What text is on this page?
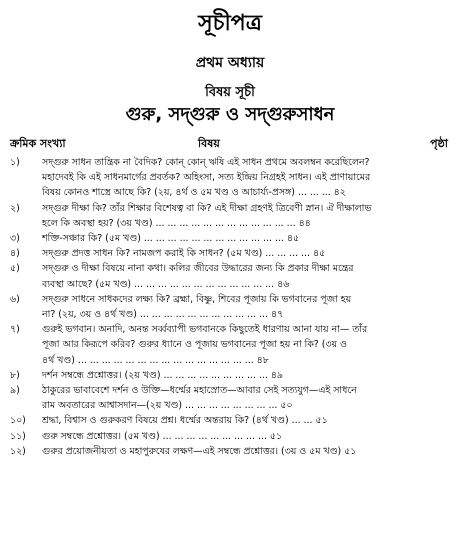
সূচীপত্র
প্রথম অধ্যায়
বিষয় সূচী
গুরু, সদ্গুরু ও সদ্গুরুসাধন
ক্রমিক সংখ্যা	বিষয়	পৃষ্ঠা
১)	সদ্গুরু সাধন তান্ত্রিক না বৈদিক? কোন্ কোন্ ঋষি এই সাধন প্রথমে অবলম্বন করেছিলেন?
মহাদেবই কি এই সাধনমার্গের প্রবর্তক? অহিংসা, সত্য ইন্দ্রিয় নিগ্রহই সাধন। এই প্রাণায়ামের
বিষয় কোনও শাস্ত্রে আছে কি? (২য়, ৪র্থ ও ৫ম খণ্ড ও আচার্য্য-প্রসঙ্গ) ... ... ... ৪২
২)	সদ্গুরু দীক্ষা কি? তাঁর শিক্ষার বিশেষত্ব বা কি? এই দীক্ষা গ্রহণই ত্রিবেণী স্নান। ঐ দীক্ষালাভ
হলে কি অবস্থা হয়? (৩য় খণ্ড) ... ... ... ... ... ... ... ... ... ... ... ... ৪৪
৩)	শক্তি-সঞ্চার কি? (৫ম খণ্ড) ... ... ... ... ... ... ... ... ... ... ... ... ৪৫
৪)	সদ্গুরু প্রদত্ত সাধন কি? নামজপ করাই কি সাধন? (৫ম খণ্ড) ... ... ... ... ৪৫
৫)	সদ্গুরু ও দীক্ষা বিষয়ে নানা কথা। কলির জীবের উদ্ধারের জন্য কি প্রকার দীক্ষা মন্ত্রের
ব্যবস্থা আছে? (৫ম খণ্ড) ... ... ... ... ... ... ... ... ... ... ... ... ৪৬
৬)	সদ্গুরু সাধনে সাধকদের লক্ষ্য কি? ব্রহ্মা, বিষ্ণু, শিবের পূজায় কি ভগবানের পূজা হয়
না? (২য়, ৩য় ও ৪র্থ খণ্ড) ... ... ... ... ... ... ... ... ... ... ... ৪৭
৭)	গুরুই ভগবান। অনাদি, অনন্ত সর্ব্বব্যাপী ভগবানকে কিছুতেই ধারণায় আনা যায় না— তাঁর
পূজা আর কিরূপে করিব? গুরুর ধ্যানে ও পূজায় ভগবানের পূজা হয় না কি? (৩য় ও
৪র্থ খণ্ড) ... ... ... ... ... ... ... ... ... ... ... ... ... ... ... ৪৮
৮)	দর্শন সম্বন্ধে প্রশ্নোত্তর। (২য় খণ্ড) ... ... ... ... ... ... ... ... ... ৪৯
৯)	ঠাকুরের ভাবাবেশে দর্শন ও উক্তি—ধর্ম্মের মহাস্রোত—আবার সেই সত্যযুগ—এই সাধনে
রাম অবতারের আশ্বাসদান—(২য় খণ্ড) ... ... ... ... ... ... ... ... ৫০
১০)	শ্রদ্ধা, বিশ্বাস ও গুরুকরণ বিষয়ে প্রশ্ন। ধর্ম্মের অন্তরায় কি? (৪র্থ খণ্ড) ... ... ৫১
১১)	গুরু সম্বন্ধে প্রশ্নোত্তর। (৫ম খণ্ড) ... ... ... ... ... ... ... ... ... ৫১
১২)	গুরুর প্রয়োজনীয়তা ও মহাপুরুষের লক্ষণ—এই সম্বন্ধে প্রশ্নোত্তর। (৩য় ও ৫ম খণ্ড) ৫১
